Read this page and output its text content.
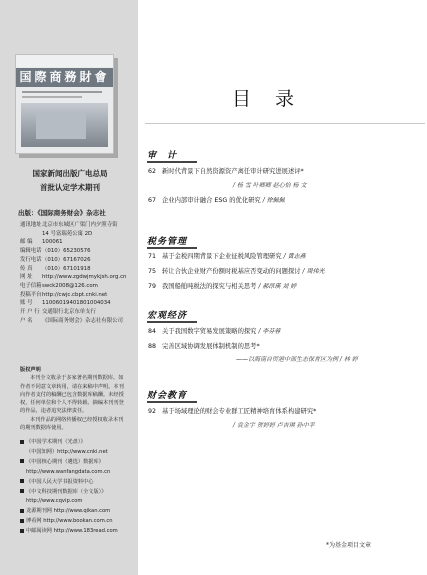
国際商務財會
国家新闻出版广电总局
首批认定学术期刊
出版：《国际商务财会》杂志社
通讯地址 北京市东城区广渠门内夕照寺街
14 号富瑞苑公寓 2D
邮 编	100061
编辑电话 （010）65230576
发行电话 （010）67167026
传 真	（010）67101918
网 址	http://www.zgdwjmykjsh.org.cn
电子信箱 swck2008@126.com
投稿平台 http://cwjc.cbpt.cnki.net
账 号	11006019401801004034
开 户 行 交通银行北京东单支行
户 名	《国际商务财会》杂志社有限公司
版权声明
本刊全文收录于多家著名期刊数据库。如作者不同意文章转用，请在来稿中声明。本刊向作者支付的稿酬已包含数据库稿酬。未经授权，任何单位和个人不得转载、摘编本刊刊登的作品，违者追究法律责任。
本刊作品的网络传播权已经授权收录本刊的期刊数据库使用。
《中国学术期刊（光盘）》
（中国知网）http://www.cnki.net
《中国核心期刊（遴选）数据库》
http://www.wanfangdata.com.cn
《中国人民大学书报资料中心
《中文科技期刊数据库（全文版）》
http://www.cqvip.com
龙源期刊网 http://www.qikan.com
博看网 http://www.bookan.com.cn
中邮阅读网 http://www.183read.com
目 录
审　计
62 新时代背景下自然资源资产离任审计研究进展述评*
/ 杨 雪 叶卿卿 赵心怡 杨 文
67 企业内部审计融合 ESG 的优化研究 / 徐佩佩
税务管理
71 基于金税四期背景下企业征税风险管理研究 / 黄志燕
75 转让合伙企业财产份额时税基应否变动的问题探讨 / 周伟光
79 我国船舶吨税法的探究与相关思考 / 郝昂瑛 刘 婷
宏观经济
84 关于我国数字贸易发展策略的探究 / 李芬蓉
88 完善区域协调发展体制机制的思考*
——以海南自贸港中部生态保育区为例 / 林 婷
财会教育
92 基于场域理论的财会专业群工匠精神培育体系构建研究*
/ 袁金宇 贺婷婷 卢吉琪 孙中平
*为基金项目文章
